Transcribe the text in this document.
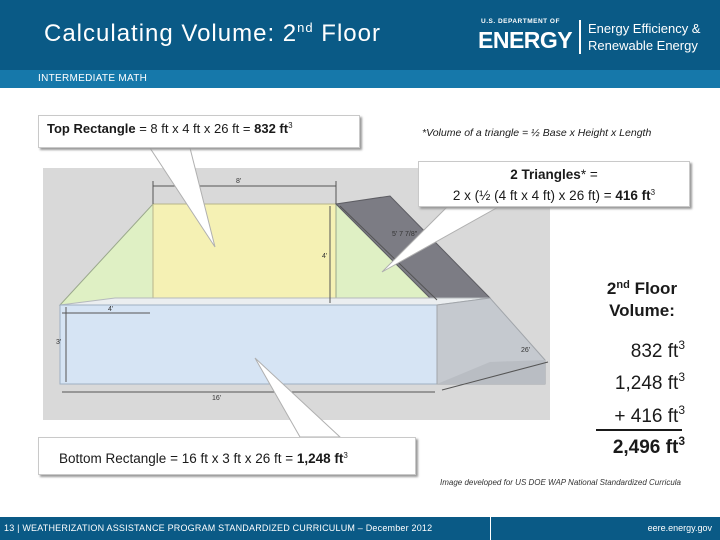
Calculating Volume: 2nd Floor	U.S. DEPARTMENT OF
ENERGY Energy Efficiency &
Renewable Energy
INTERMEDIATE MATH
8'
5' 7 7/8"
4'
4'
3'
26'
16'
Top Rectangle = 8 ft x 4 ft x 26 ft = 832 $ft^3$
*Volume of a triangle = ½ Base x Height x Length
2 Triangles* =
2 x (½ (4 ft x 4 ft) x 26 ft) = 416 $ft^3$
Bottom Rectangle = 16 ft x 3 ft x 26 ft = 1,248 $ft^3$
2nd Floor
Volume:
832 $ft^3$
1,248 $ft^3$
+ 416 $ft^3$
2,496 $ft^3$
Image developed for US DOE WAP National Standardized Curricula
13 | WEATHERIZATION ASSISTANCE PROGRAM STANDARDIZED CURRICULUM – December 2012	eere.energy.gov
